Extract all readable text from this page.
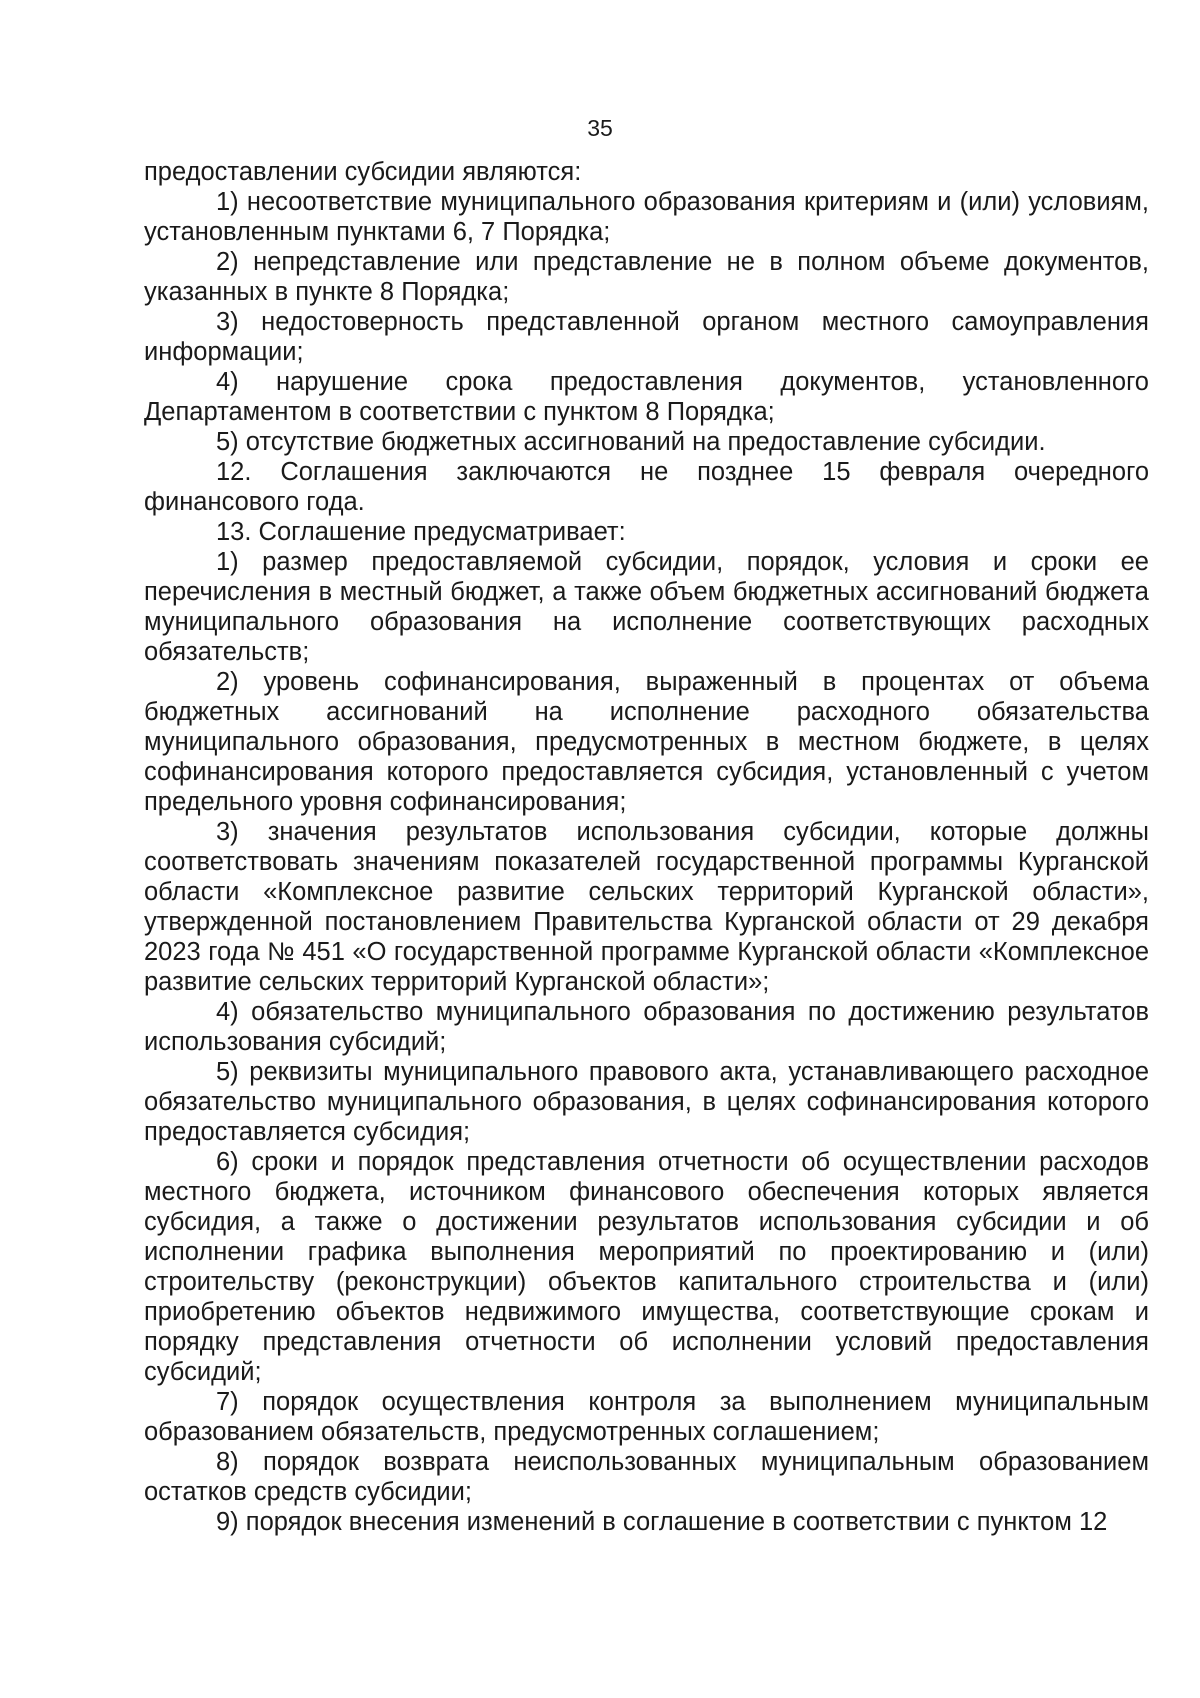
35

предоставлении субсидии являются:

1) несоответствие муниципального образования критериям и (или) условиям, установленным пунктами 6, 7 Порядка;

2) непредставление или представление не в полном объеме документов, указанных в пункте 8 Порядка;

3) недостоверность представленной органом местного самоуправления информации;

4) нарушение срока предоставления документов, установленного Департаментом в соответствии с пунктом 8 Порядка;

5) отсутствие бюджетных ассигнований на предоставление субсидии.

12. Соглашения заключаются не позднее 15 февраля очередного финансового года.

13. Соглашение предусматривает:

1) размер предоставляемой субсидии, порядок, условия и сроки ее перечисления в местный бюджет, а также объем бюджетных ассигнований бюджета муниципального образования на исполнение соответствующих расходных обязательств;

2) уровень софинансирования, выраженный в процентах от объема бюджетных ассигнований на исполнение расходного обязательства муниципального образования, предусмотренных в местном бюджете, в целях софинансирования которого предоставляется субсидия, установленный с учетом предельного уровня софинансирования;

3) значения результатов использования субсидии, которые должны соответствовать значениям показателей государственной программы Курганской области «Комплексное развитие сельских территорий Курганской области», утвержденной постановлением Правительства Курганской области от 29 декабря 2023 года № 451 «О государственной программе Курганской области «Комплексное развитие сельских территорий Курганской области»;

4) обязательство муниципального образования по достижению результатов использования субсидий;

5) реквизиты муниципального правового акта, устанавливающего расходное обязательство муниципального образования, в целях софинансирования которого предоставляется субсидия;

6) сроки и порядок представления отчетности об осуществлении расходов местного бюджета, источником финансового обеспечения которых является субсидия, а также о достижении результатов использования субсидии и об исполнении графика выполнения мероприятий по проектированию и (или) строительству (реконструкции) объектов капитального строительства и (или) приобретению объектов недвижимого имущества, соответствующие срокам и порядку представления отчетности об исполнении условий предоставления субсидий;

7) порядок осуществления контроля за выполнением муниципальным образованием обязательств, предусмотренных соглашением;

8) порядок возврата неиспользованных муниципальным образованием остатков средств субсидии;

9) порядок внесения изменений в соглашение в соответствии с пунктом 12
